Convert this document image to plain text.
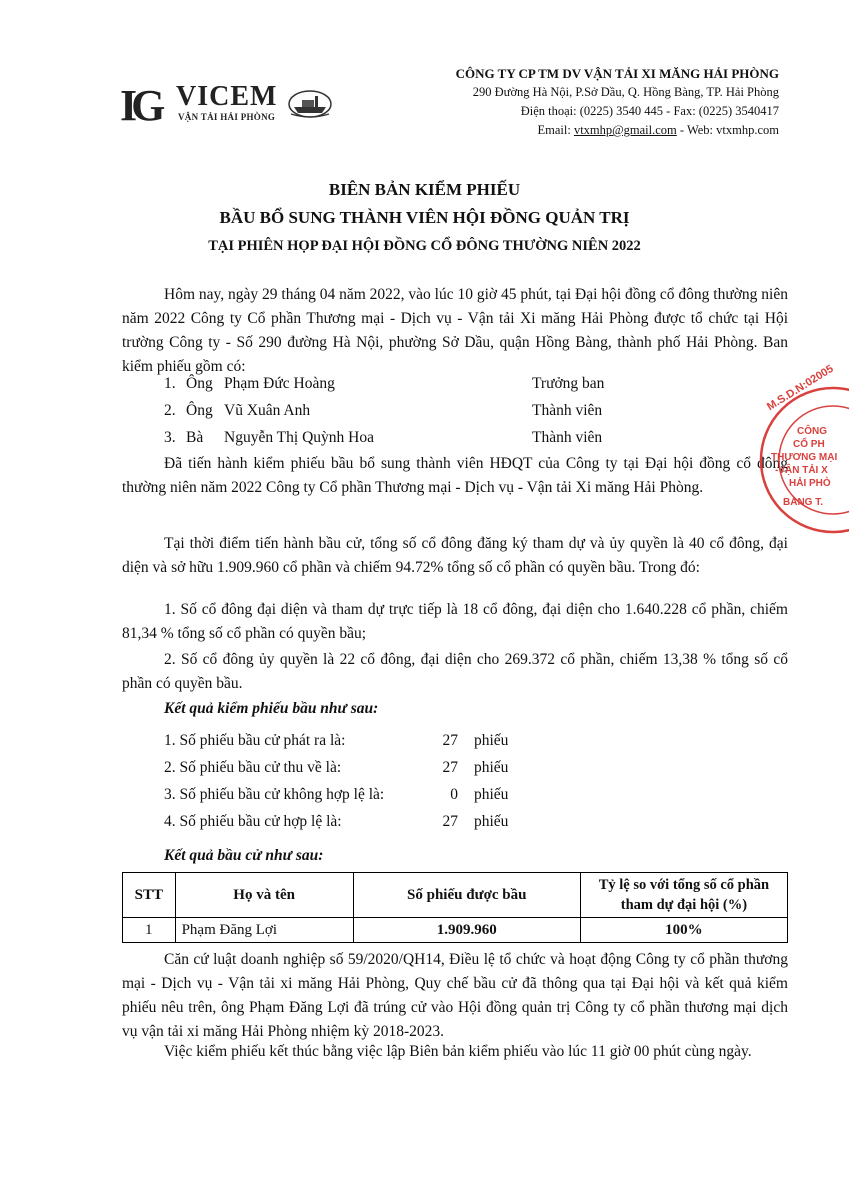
IG VICEM
VẬN TẢI HẢI PHÒNG
CÔNG TY CP TM DV VẬN TẢI XI MĂNG HẢI PHÒNG
290 Đường Hà Nội, P.Sở Dầu, Q. Hồng Bàng, TP. Hải Phòng
Điện thoại: (0225) 3540 445 - Fax: (0225) 3540417
Email: vtxmhp@gmail.com - Web: vtxmhp.com
BIÊN BẢN KIỂM PHIẾU
BẦU BỔ SUNG THÀNH VIÊN HỘI ĐỒNG QUẢN TRỊ
TẠI PHIÊN HỌP ĐẠI HỘI ĐỒNG CỔ ĐÔNG THƯỜNG NIÊN 2022
Hôm nay, ngày 29 tháng 04 năm 2022, vào lúc 10 giờ 45 phút, tại Đại hội đồng cổ đông thường niên năm 2022 Công ty Cổ phần Thương mại - Dịch vụ - Vận tải Xi măng Hải Phòng được tổ chức tại Hội trường Công ty - Số 290 đường Hà Nội, phường Sở Dầu, quận Hồng Bàng, thành phố Hải Phòng. Ban kiểm phiếu gồm có:
1. Ông Phạm Đức Hoàng	Trưởng ban
2. Ông Vũ Xuân Anh	Thành viên
3. Bà Nguyễn Thị Quỳnh Hoa	Thành viên
Đã tiến hành kiểm phiếu bầu bổ sung thành viên HĐQT của Công ty tại Đại hội đồng cổ đông thường niên năm 2022 Công ty Cổ phần Thương mại - Dịch vụ - Vận tải Xi măng Hải Phòng.
Tại thời điểm tiến hành bầu cử, tổng số cổ đông đăng ký tham dự và ủy quyền là 40 cổ đông, đại diện và sở hữu 1.909.960 cổ phần và chiếm 94.72% tổng số cổ phần có quyền bầu. Trong đó:
1. Số cổ đông đại diện và tham dự trực tiếp là 18 cổ đông, đại diện cho 1.640.228 cổ phần, chiếm 81,34 % tổng số cổ phần có quyền bầu;
2. Số cổ đông ủy quyền là 22 cổ đông, đại diện cho 269.372 cổ phần, chiếm 13,38 % tổng số cổ phần có quyền bầu.
Kết quả kiểm phiếu bầu như sau:
1. Số phiếu bầu cử phát ra là:	27 phiếu
2. Số phiếu bầu cử thu về là:	27 phiếu
3. Số phiếu bầu cử không hợp lệ là:	0 phiếu
4. Số phiếu bầu cử hợp lệ là:	27 phiếu
Kết quả bầu cử như sau:
STT	Họ và tên	Số phiếu được bầu	Tỷ lệ so với tổng số cổ phần tham dự đại hội (%)
1	Phạm Đăng Lợi	1.909.960	100%
Căn cứ luật doanh nghiệp số 59/2020/QH14, Điều lệ tổ chức và hoạt động Công ty cổ phần thương mại - Dịch vụ - Vận tải xi măng Hải Phòng, Quy chế bầu cử đã thông qua tại Đại hội và kết quả kiểm phiếu nêu trên, ông Phạm Đăng Lợi đã trúng cử vào Hội đồng quản trị Công ty cổ phần thương mại dịch vụ vận tải xi măng Hải Phòng nhiệm kỳ 2018-2023.
Việc kiểm phiếu kết thúc bằng việc lập Biên bản kiểm phiếu vào lúc 11 giờ 00 phút cùng ngày.
M.S.D.N:02005
CÔNG
CỔ PH
THƯƠNG MẠI
-VẬN TẢI X
HẢI PHÒ
BÀNG T.
